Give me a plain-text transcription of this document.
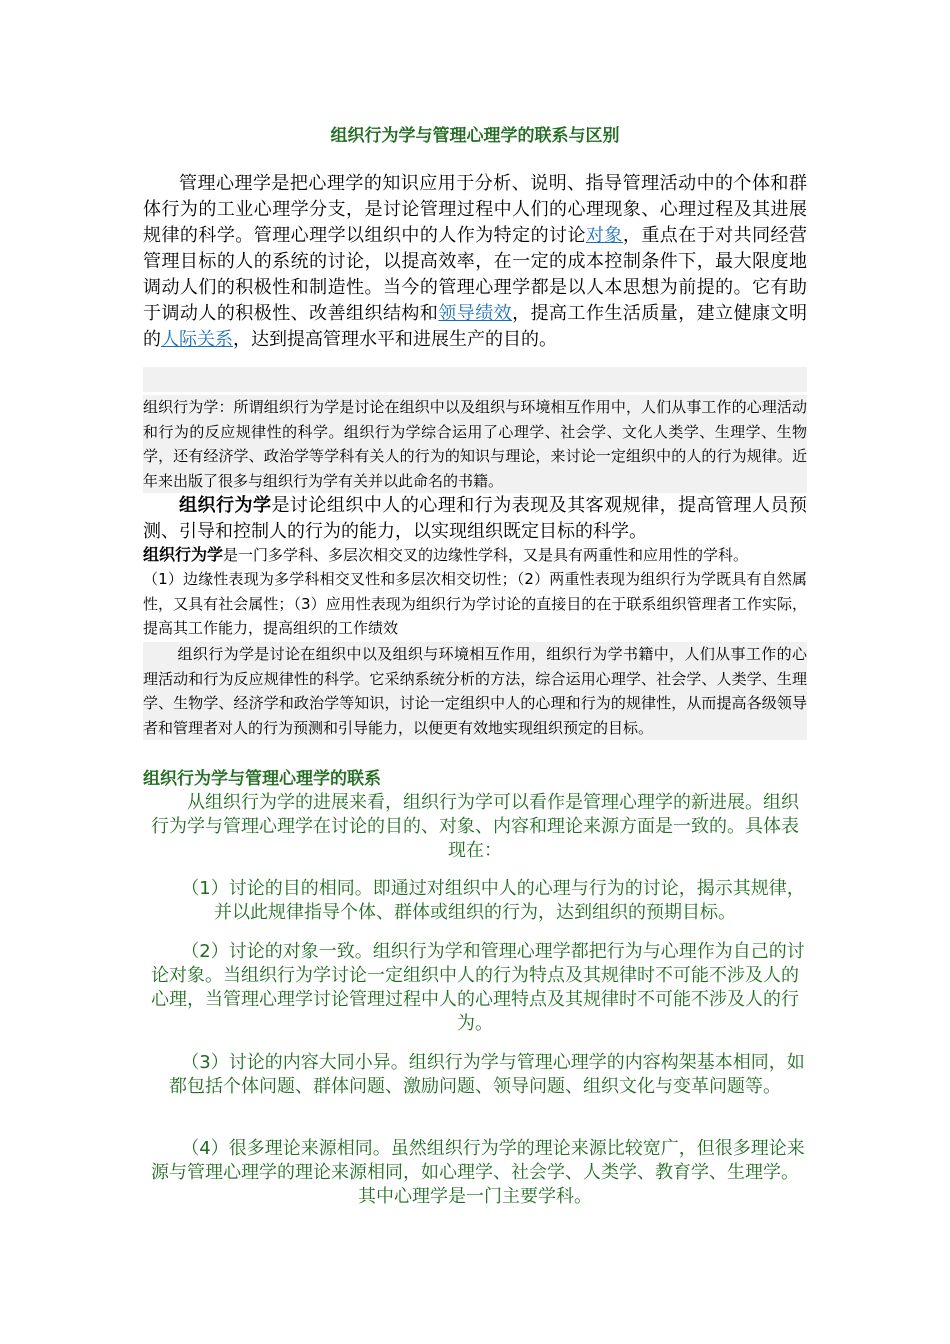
组织行为学与管理心理学的联系与区别
管理心理学是把心理学的知识应用于分析、说明、指导管理活动中的个体和群体行为的工业心理学分支，是讨论管理过程中人们的心理现象、心理过程及其进展规律的科学。管理心理学以组织中的人作为特定的讨论对象，重点在于对共同经营管理目标的人的系统的讨论，以提高效率，在一定的成本控制条件下，最大限度地调动人们的积极性和制造性。当今的管理心理学都是以人本思想为前提的。它有助于调动人的积极性、改善组织结构和领导绩效，提高工作生活质量，建立健康文明的人际关系，达到提高管理水平和进展生产的目的。
组织行为学：所谓组织行为学是讨论在组织中以及组织与环境相互作用中，人们从事工作的心理活动和行为的反应规律性的科学。组织行为学综合运用了心理学、社会学、文化人类学、生理学、生物学，还有经济学、政治学等学科有关人的行为的知识与理论，来讨论一定组织中的人的行为规律。近年来出版了很多与组织行为学有关并以此命名的书籍。
组织行为学是讨论组织中人的心理和行为表现及其客观规律，提高管理人员预测、引导和控制人的行为的能力，以实现组织既定目标的科学。
组织行为学是一门多学科、多层次相交叉的边缘性学科，又是具有两重性和应用性的学科。
（1）边缘性表现为多学科相交叉性和多层次相交切性；（2）两重性表现为组织行为学既具有自然属性，又具有社会属性；（3）应用性表现为组织行为学讨论的直接目的在于联系组织管理者工作实际，提高其工作能力，提高组织的工作绩效
组织行为学是讨论在组织中以及组织与环境相互作用，组织行为学书籍中，人们从事工作的心理活动和行为反应规律性的科学。它采纳系统分析的方法，综合运用心理学、社会学、人类学、生理学、生物学、经济学和政治学等知识，讨论一定组织中人的心理和行为的规律性，从而提高各级领导者和管理者对人的行为预测和引导能力，以便更有效地实现组织预定的目标。
组织行为学与管理心理学的联系
从组织行为学的进展来看，组织行为学可以看作是管理心理学的新进展。组织行为学与管理心理学在讨论的目的、对象、内容和理论来源方面是一致的。具体表现在：
（1）讨论的目的相同。即通过对组织中人的心理与行为的讨论，揭示其规律，并以此规律指导个体、群体或组织的行为，达到组织的预期目标。
（2）讨论的对象一致。组织行为学和管理心理学都把行为与心理作为自己的讨论对象。当组织行为学讨论一定组织中人的行为特点及其规律时不可能不涉及人的心理，当管理心理学讨论管理过程中人的心理特点及其规律时不可能不涉及人的行为。
（3）讨论的内容大同小异。组织行为学与管理心理学的内容构架基本相同，如都包括个体问题、群体问题、激励问题、领导问题、组织文化与变革问题等。
（4）很多理论来源相同。虽然组织行为学的理论来源比较宽广，但很多理论来源与管理心理学的理论来源相同，如心理学、社会学、人类学、教育学、生理学。其中心理学是一门主要学科。
